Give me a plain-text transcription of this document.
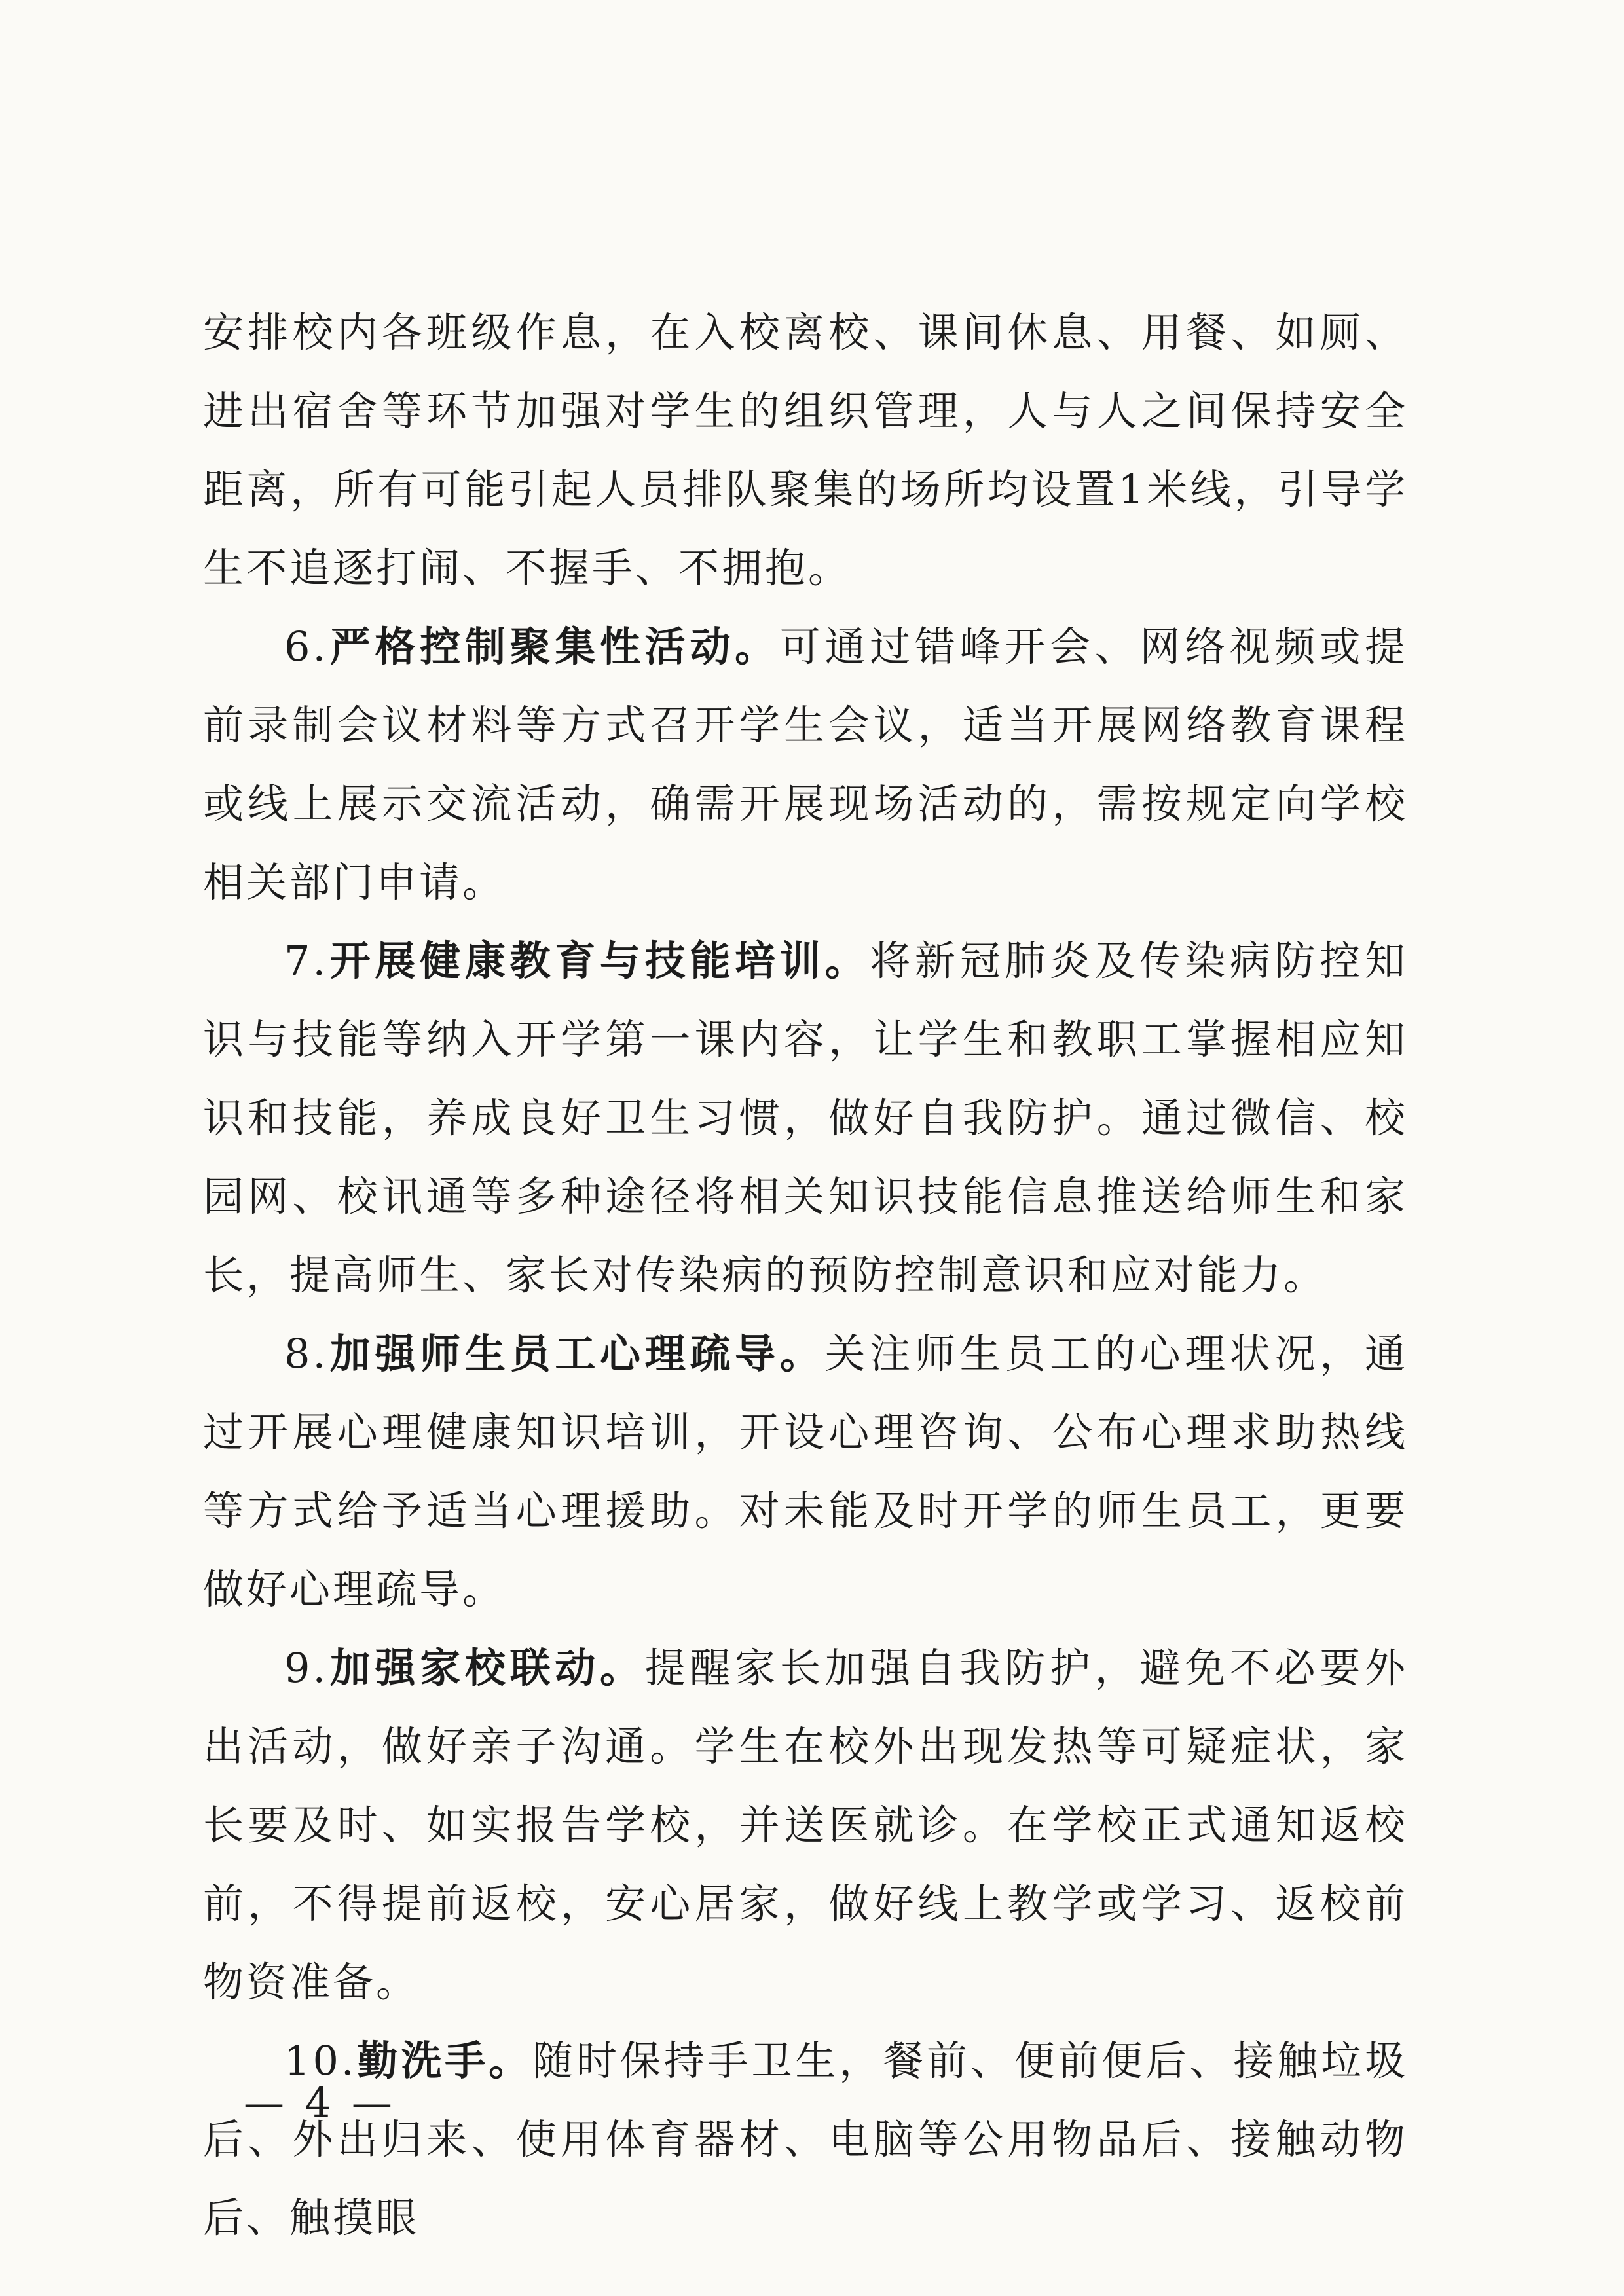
安排校内各班级作息，在入校离校、课间休息、用餐、如厕、进出宿舍等环节加强对学生的组织管理，人与人之间保持安全距离，所有可能引起人员排队聚集的场所均设置1米线，引导学生不追逐打闹、不握手、不拥抱。

6.严格控制聚集性活动。可通过错峰开会、网络视频或提前录制会议材料等方式召开学生会议，适当开展网络教育课程或线上展示交流活动，确需开展现场活动的，需按规定向学校相关部门申请。

7.开展健康教育与技能培训。将新冠肺炎及传染病防控知识与技能等纳入开学第一课内容，让学生和教职工掌握相应知识和技能，养成良好卫生习惯，做好自我防护。通过微信、校园网、校讯通等多种途径将相关知识技能信息推送给师生和家长，提高师生、家长对传染病的预防控制意识和应对能力。

8.加强师生员工心理疏导。关注师生员工的心理状况，通过开展心理健康知识培训，开设心理咨询、公布心理求助热线等方式给予适当心理援助。对未能及时开学的师生员工，更要做好心理疏导。

9.加强家校联动。提醒家长加强自我防护，避免不必要外出活动，做好亲子沟通。学生在校外出现发热等可疑症状，家长要及时、如实报告学校，并送医就诊。在学校正式通知返校前，不得提前返校，安心居家，做好线上教学或学习、返校前物资准备。

10.勤洗手。随时保持手卫生，餐前、便前便后、接触垃圾后、外出归来、使用体育器材、电脑等公用物品后、接触动物后、触摸眼

— 4 —
